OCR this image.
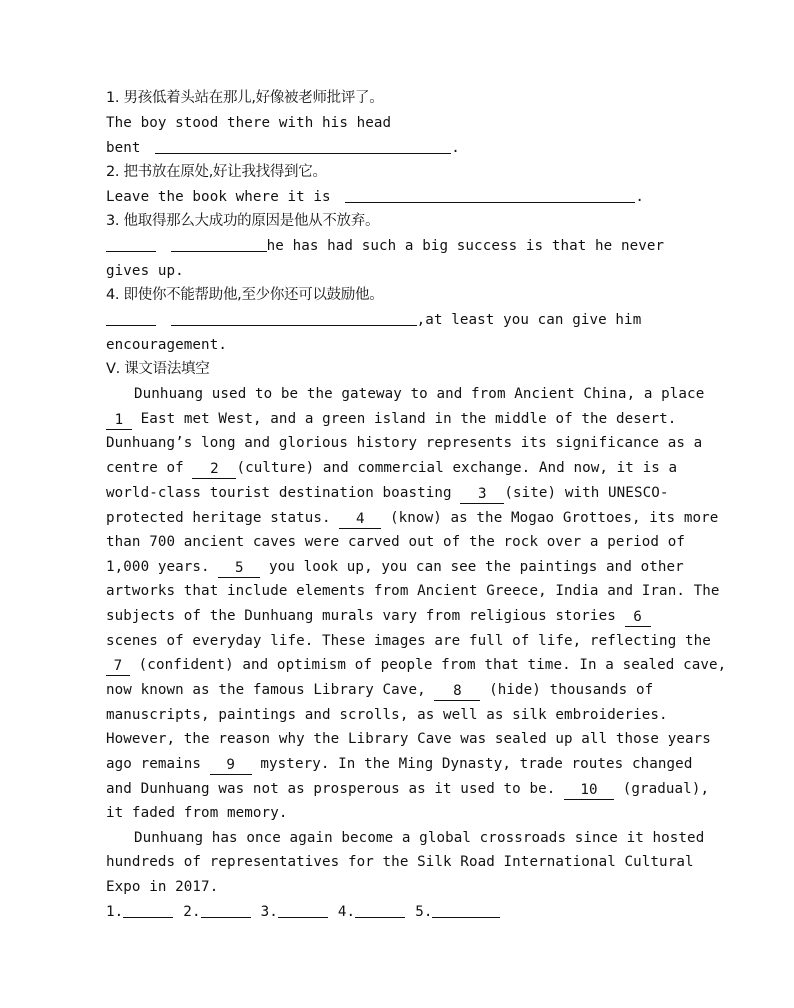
1. 男孩低着头站在那儿,好像被老师批评了。
The boy stood there with his head
bent	.
2. 把书放在原处,好让我找得到它。
Leave the book where it is	.
3. 他取得那么大成功的原因是他从不放弃。
he has had such a big success is that he never
gives up.
4. 即使你不能帮助他,至少你还可以鼓励他。
,at least you can give him
encouragement.
Ⅴ. 课文语法填空
Dunhuang used to be the gateway to and from Ancient China, a place
1 East met West, and a green island in the middle of the desert.
Dunhuang’s long and glorious history represents its significance as a
centre of 2 (culture) and commercial exchange. And now, it is a
world-class tourist destination boasting 3 (site) with UNESCO-
protected heritage status. 4 (know) as the Mogao Grottoes, its more
than 700 ancient caves were carved out of the rock over a period of
1,000 years. 5 you look up, you can see the paintings and other
artworks that include elements from Ancient Greece, India and Iran. The
subjects of the Dunhuang murals vary from religious stories 6
scenes of everyday life. These images are full of life, reflecting the
7 (confident) and optimism of people from that time. In a sealed cave,
now known as the famous Library Cave, 8 (hide) thousands of
manuscripts, paintings and scrolls, as well as silk embroideries.
However, the reason why the Library Cave was sealed up all those years
ago remains 9 mystery. In the Ming Dynasty, trade routes changed
and Dunhuang was not as prosperous as it used to be. 10 (gradual),
it faded from memory.
Dunhuang has once again become a global crossroads since it hosted
hundreds of representatives for the Silk Road International Cultural
Expo in 2017.
1.	2.	3.	4.	5.
